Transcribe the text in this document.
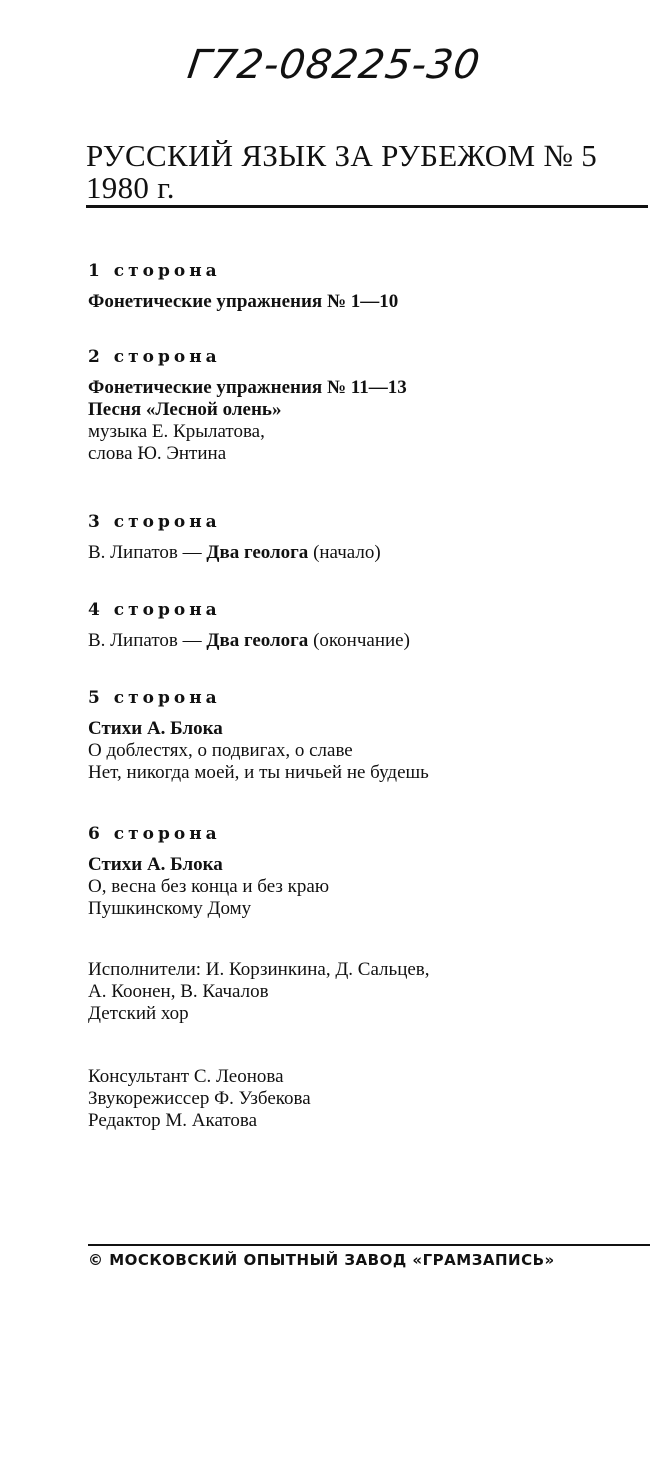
Г72-08225-30
РУССКИЙ ЯЗЫК ЗА РУБЕЖОМ № 5
1980 г.
1 сторона
Фонетические упражнения № 1—10
2 сторона
Фонетические упражнения № 11—13
Песня «Лесной олень»
музыка Е. Крылатова,
слова Ю. Энтина
3 сторона
В. Липатов — Два геолога (начало)
4 сторона
В. Липатов — Два геолога (окончание)
5 сторона
Стихи А. Блока
О доблестях, о подвигах, о славе
Нет, никогда моей, и ты ничьей не будешь
6 сторона
Стихи А. Блока
О, весна без конца и без краю
Пушкинскому Дому
Исполнители: И. Корзинкина, Д. Сальцев,
А. Коонен, В. Качалов
Детский хор
Консультант С. Леонова
Звукорежиссер Ф. Узбекова
Редактор М. Акатова
© МОСКОВСКИЙ ОПЫТНЫЙ ЗАВОД «ГРАМЗАПИСЬ»
